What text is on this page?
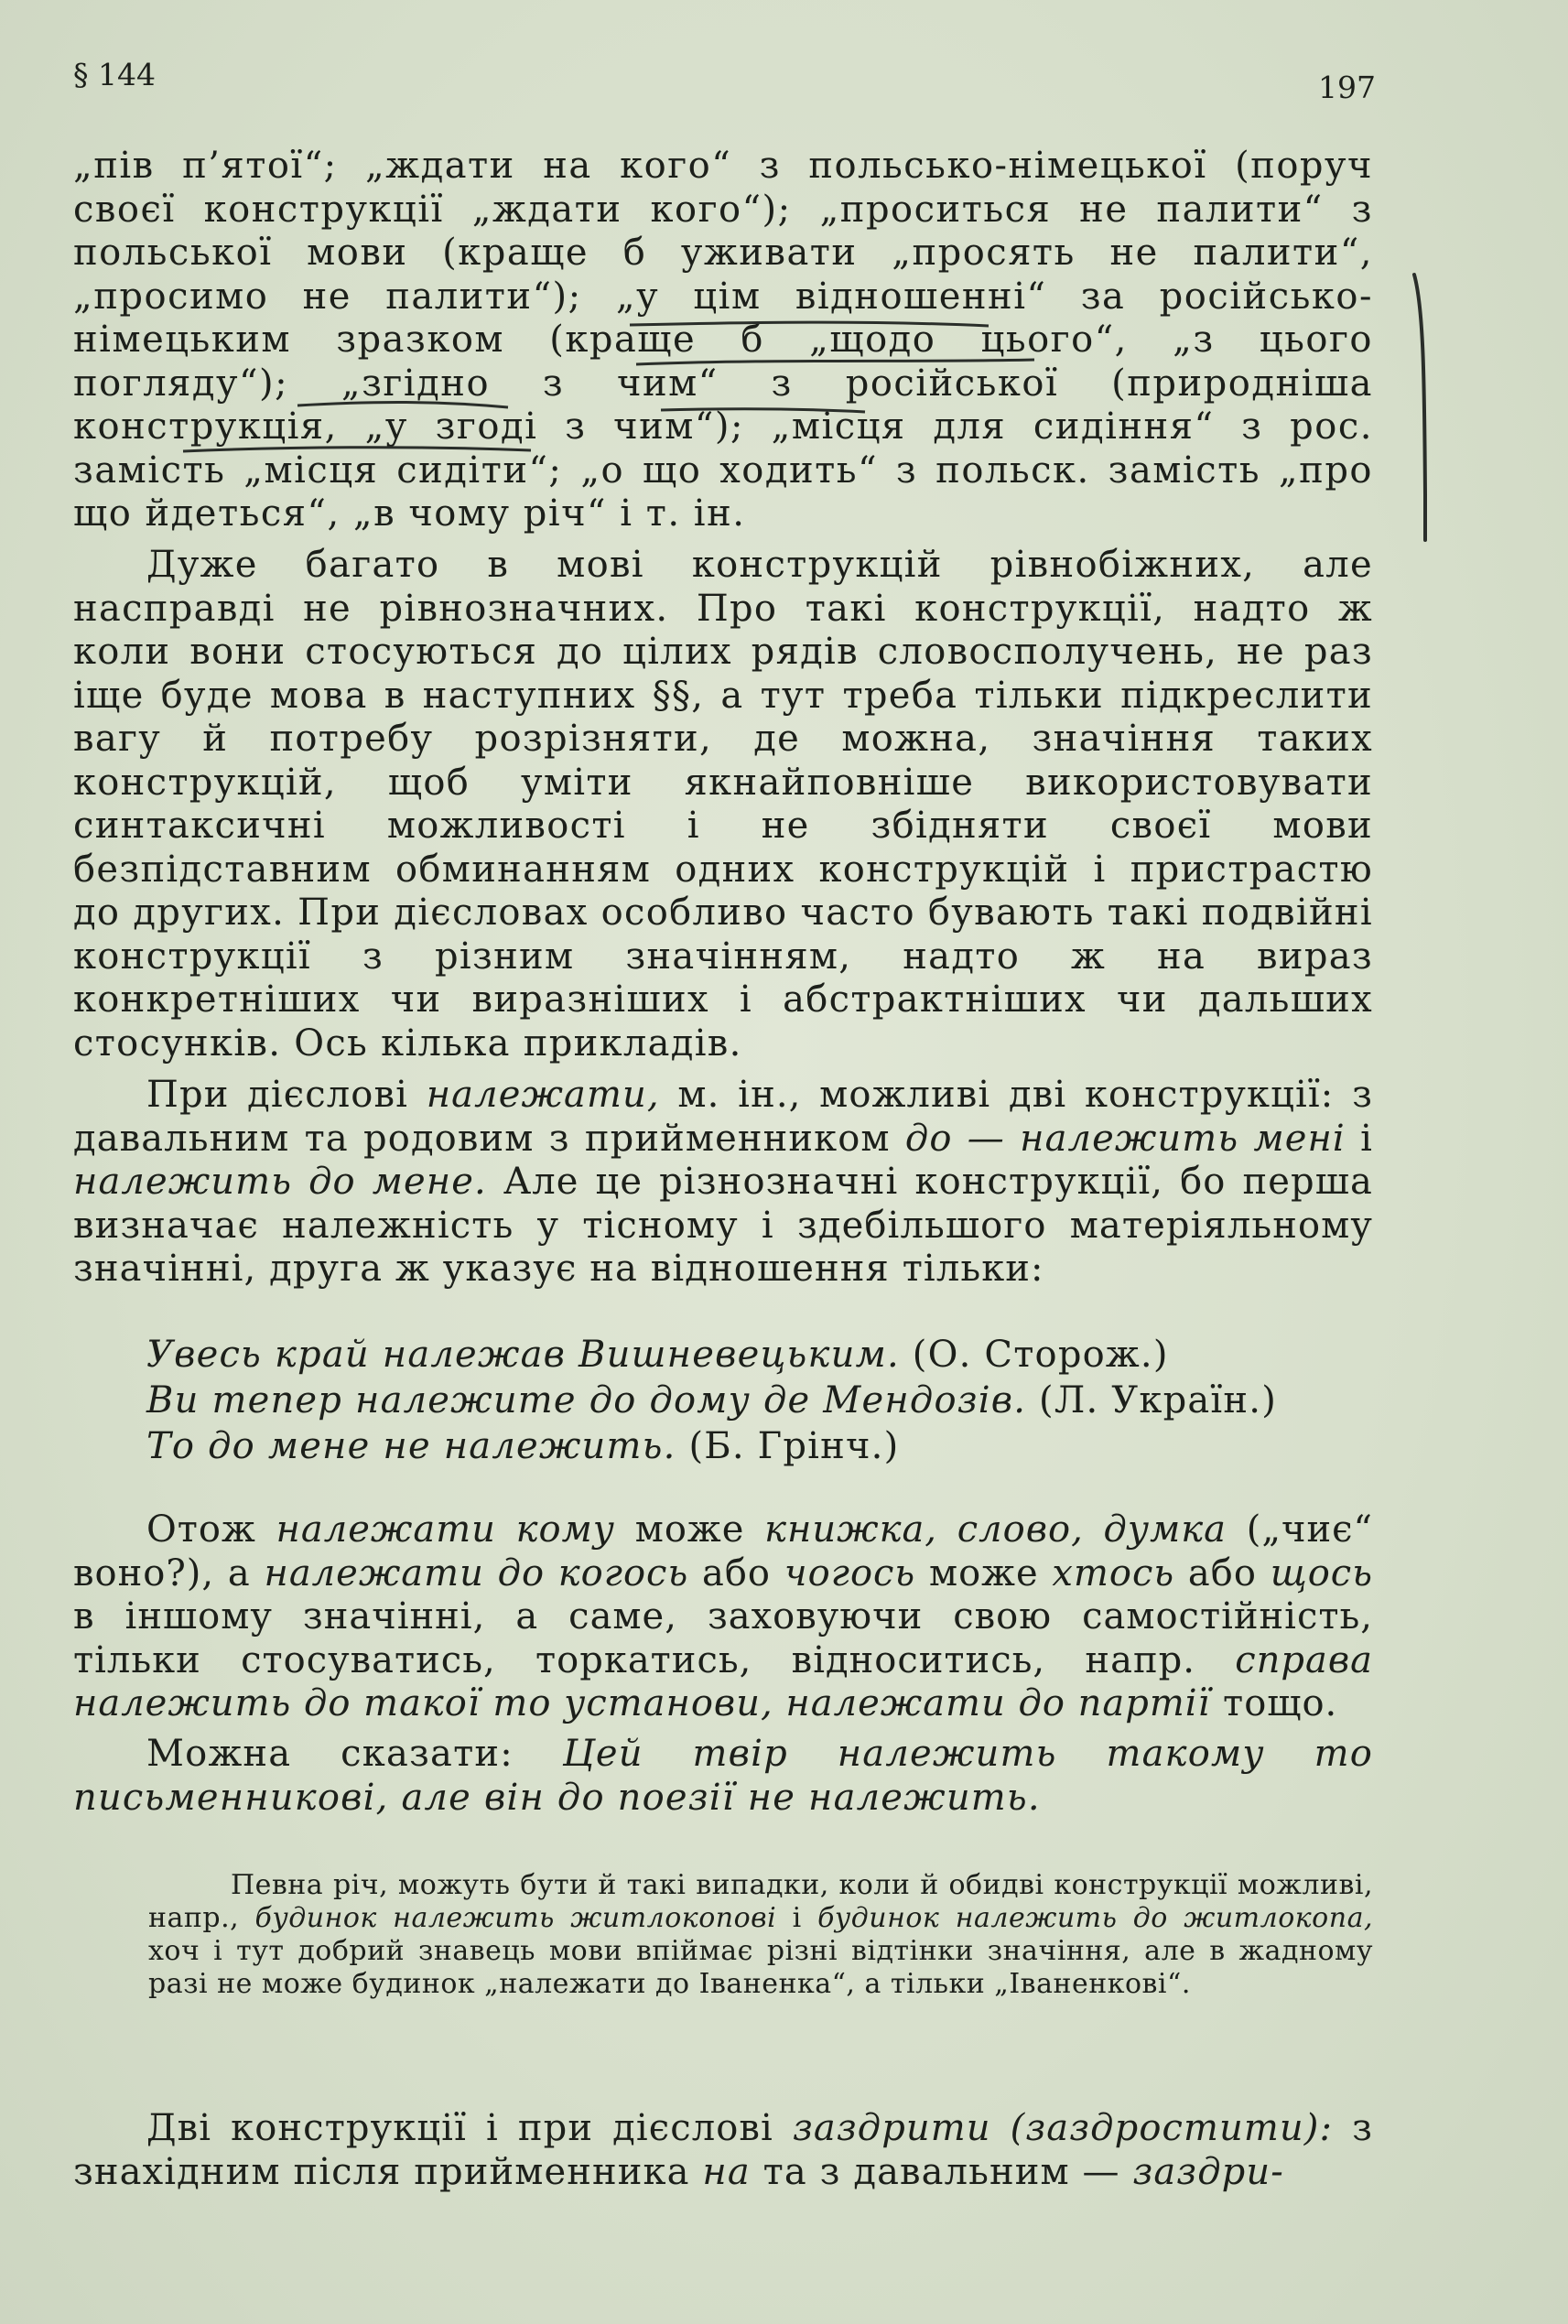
§ 144	197

„пів п’ятої“; „ждати на кого“ з польсько-німецької (поруч своєї конструкції „ждати кого“); „проситься не палити“ з польської мови (краще б уживати „просять не палити“, „просимо не палити“); „у цім відношенні“ за російсько-німецьким зразком (краще б „щодо цього“, „з цього погляду“); „згідно з чим“ з російської (природніша конструкція, „у згоді з чим“); „місця для сидіння“ з рос. замість „місця сидіти“; „о що ходить“ з польск. замість „про що йдеться“, „в чому річ“ і т. ін.

Дуже багато в мові конструкцій рівнобіжних, але насправді не рівнозначних. Про такі конструкції, надто ж коли вони стосуються до цілих рядів словосполучень, не раз іще буде мова в наступних §§, а тут треба тільки підкреслити вагу й потребу розрізняти, де можна, значіння таких конструкцій, щоб уміти якнайповніше використовувати синтаксичні можливості і не збідняти своєї мови безпідставним обминанням одних конструкцій і пристрастю до других. При дієсловах особливо часто бувають такі подвійні конструкції з різним значінням, надто ж на вираз конкретніших чи виразніших і абстрактніших чи дальших стосунків. Ось кілька прикладів.

При дієслові належати, м. ін., можливі дві конструкції: з давальним та родовим з прийменником до — належить мені і належить до мене. Але це різнозначні конструкції, бо перша визначає належність у тісному і здебільшого матеріяльному значінні, друга ж указує на відношення тільки:

Увесь край належав Вишневецьким. (О. Сторож.)
Ви тепер належите до дому де Мендозів. (Л. Украïн.)
То до мене не належить. (Б. Грінч.)

Отож належати кому може книжка, слово, думка („чиє“ воно?), а належати до когось або чогось може хтось або щось в іншому значінні, а саме, заховуючи свою самостійність, тільки стосуватись, торкатись, відноситись, напр. справа належить до такої то установи, належати до партії тощо.

Можна сказати: Цей твір належить такому то письменникові, але він до поезії не належить.

Певна річ, можуть бути й такі випадки, коли й обидві конструкції можливі, напр., будинок належить житлокопові і будинок належить до житлокопа, хоч і тут добрий знавець мови впіймає різні відтінки значіння, але в жадному разі не може будинок „належати до Іваненка“, а тільки „Іваненкові“.

Дві конструкції і при дієслові заздрити (заздростити): з знахідним після прийменника на та з давальним — заздри-
